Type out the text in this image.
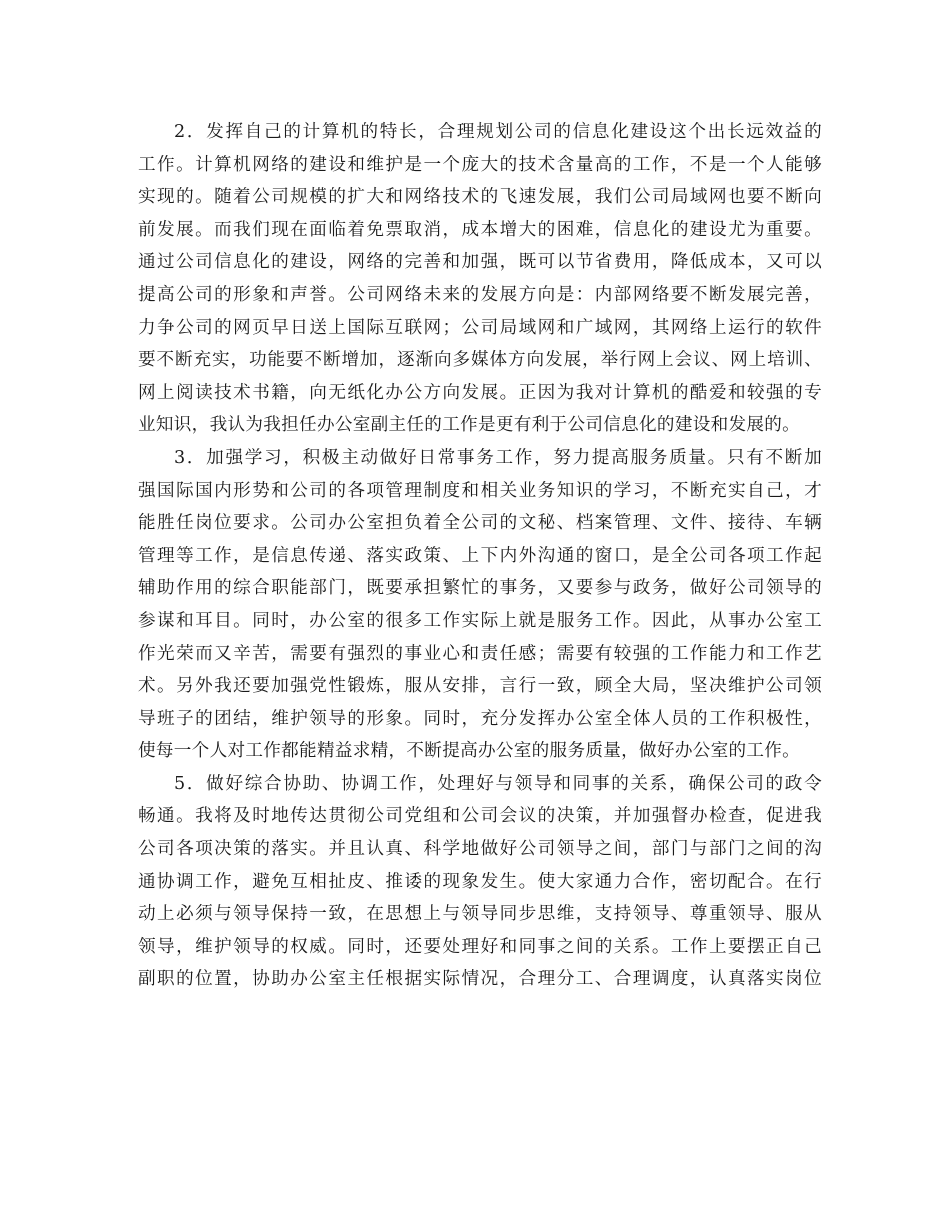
2．发挥自己的计算机的特长，合理规划公司的信息化建设这个出长远效益的
工作。计算机网络的建设和维护是一个庞大的技术含量高的工作，不是一个人能够
实现的。随着公司规模的扩大和网络技术的飞速发展，我们公司局域网也要不断向
前发展。而我们现在面临着免票取消，成本增大的困难，信息化的建设尤为重要。
通过公司信息化的建设，网络的完善和加强，既可以节省费用，降低成本，又可以
提高公司的形象和声誉。公司网络未来的发展方向是：内部网络要不断发展完善，
力争公司的网页早日送上国际互联网；公司局域网和广域网，其网络上运行的软件
要不断充实，功能要不断增加，逐渐向多媒体方向发展，举行网上会议、网上培训、
网上阅读技术书籍，向无纸化办公方向发展。正因为我对计算机的酷爱和较强的专
业知识，我认为我担任办公室副主任的工作是更有利于公司信息化的建设和发展的。
3．加强学习，积极主动做好日常事务工作，努力提高服务质量。只有不断加
强国际国内形势和公司的各项管理制度和相关业务知识的学习，不断充实自己，才
能胜任岗位要求。公司办公室担负着全公司的文秘、档案管理、文件、接待、车辆
管理等工作，是信息传递、落实政策、上下内外沟通的窗口，是全公司各项工作起
辅助作用的综合职能部门，既要承担繁忙的事务，又要参与政务，做好公司领导的
参谋和耳目。同时，办公室的很多工作实际上就是服务工作。因此，从事办公室工
作光荣而又辛苦，需要有强烈的事业心和责任感；需要有较强的工作能力和工作艺
术。另外我还要加强党性锻炼，服从安排，言行一致，顾全大局，坚决维护公司领
导班子的团结，维护领导的形象。同时，充分发挥办公室全体人员的工作积极性，
使每一个人对工作都能精益求精，不断提高办公室的服务质量，做好办公室的工作。
5．做好综合协助、协调工作，处理好与领导和同事的关系，确保公司的政令
畅通。我将及时地传达贯彻公司党组和公司会议的决策，并加强督办检查，促进我
公司各项决策的落实。并且认真、科学地做好公司领导之间，部门与部门之间的沟
通协调工作，避免互相扯皮、推诿的现象发生。使大家通力合作，密切配合。在行
动上必须与领导保持一致，在思想上与领导同步思维，支持领导、尊重领导、服从
领导，维护领导的权威。同时，还要处理好和同事之间的关系。工作上要摆正自己
副职的位置，协助办公室主任根据实际情况，合理分工、合理调度，认真落实岗位
